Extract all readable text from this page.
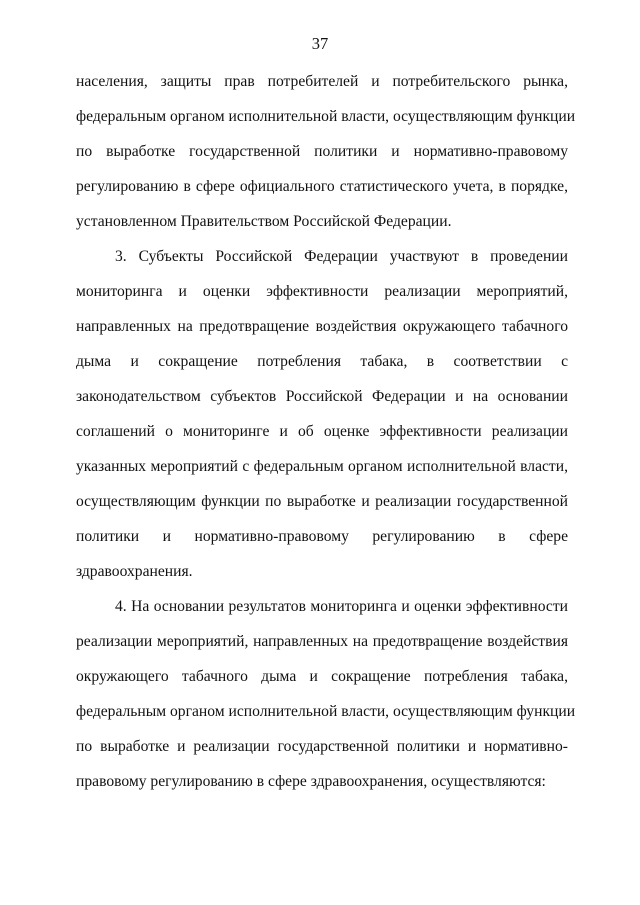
37
населения, защиты прав потребителей и потребительского рынка,
федеральным органом исполнительной власти, осуществляющим функции
по выработке государственной политики и нормативно-правовому
регулированию в сфере официального статистического учета, в порядке,
установленном Правительством Российской Федерации.
3. Субъекты Российской Федерации участвуют в проведении
мониторинга и оценки эффективности реализации мероприятий,
направленных на предотвращение воздействия окружающего табачного
дыма и сокращение потребления табака, в соответствии с
законодательством субъектов Российской Федерации и на основании
соглашений о мониторинге и об оценке эффективности реализации
указанных мероприятий с федеральным органом исполнительной власти,
осуществляющим функции по выработке и реализации государственной
политики и нормативно-правовому регулированию в сфере
здравоохранения.
4. На основании результатов мониторинга и оценки эффективности
реализации мероприятий, направленных на предотвращение воздействия
окружающего табачного дыма и сокращение потребления табака,
федеральным органом исполнительной власти, осуществляющим функции
по выработке и реализации государственной политики и нормативно-
правовому регулированию в сфере здравоохранения, осуществляются:
